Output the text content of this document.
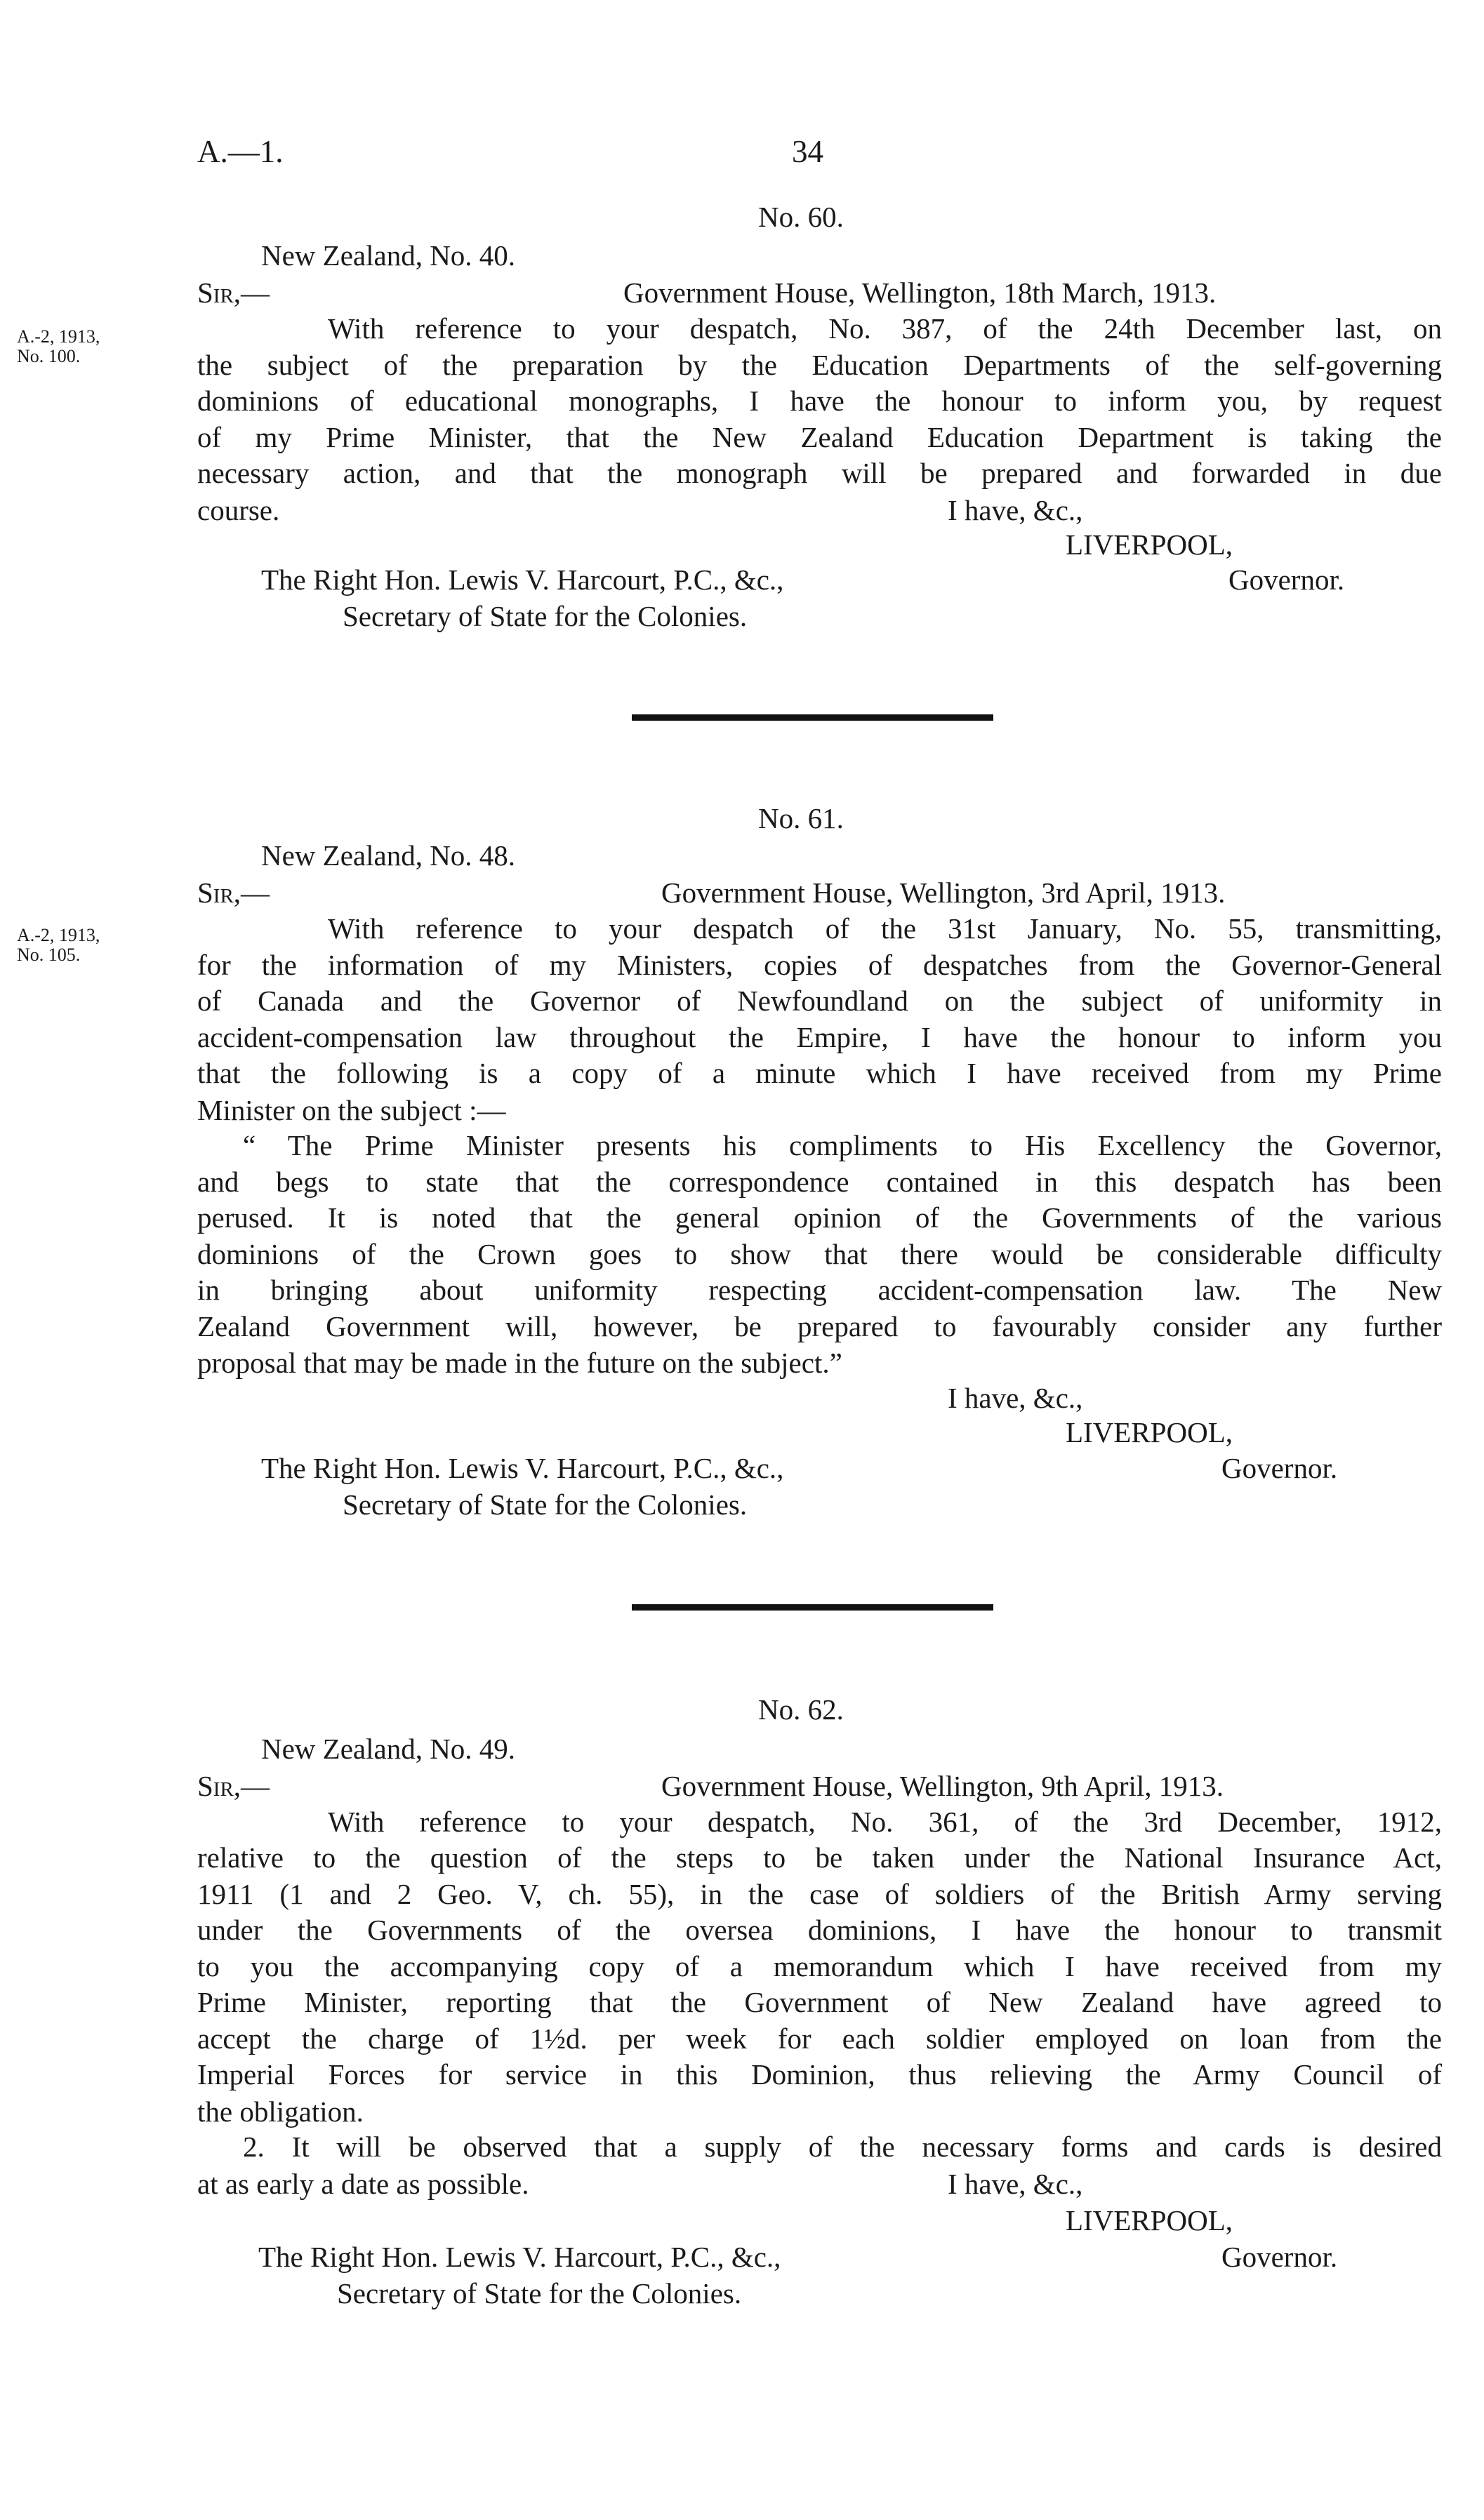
A.—1.	34
No. 60.
New Zealand, No. 40.
Sir,—	Government House, Wellington, 18th March, 1913.
A.-2, 1913,
No. 100.
With reference to your despatch, No. 387, of the 24th December last, on
the subject of the preparation by the Education Departments of the self-governing
dominions of educational monographs, I have the honour to inform you, by request
of my Prime Minister, that the New Zealand Education Department is taking the
necessary action, and that the monograph will be prepared and forwarded in due
course.	I have, &c.,
LIVERPOOL,
The Right Hon. Lewis V. Harcourt, P.C., &c.,	Governor.
Secretary of State for the Colonies.
No. 61.
New Zealand, No. 48.
Sir,—	Government House, Wellington, 3rd April, 1913.
A.-2, 1913,
No. 105.
With reference to your despatch of the 31st January, No. 55, transmitting,
for the information of my Ministers, copies of despatches from the Governor-General
of Canada and the Governor of Newfoundland on the subject of uniformity in
accident-compensation law throughout the Empire, I have the honour to inform you
that the following is a copy of a minute which I have received from my Prime
Minister on the subject :—
“ The Prime Minister presents his compliments to His Excellency the Governor,
and begs to state that the correspondence contained in this despatch has been
perused. It is noted that the general opinion of the Governments of the various
dominions of the Crown goes to show that there would be considerable difficulty
in bringing about uniformity respecting accident-compensation law. The New
Zealand Government will, however, be prepared to favourably consider any further
proposal that may be made in the future on the subject.”
I have, &c.,
LIVERPOOL,
The Right Hon. Lewis V. Harcourt, P.C., &c.,	Governor.
Secretary of State for the Colonies.
No. 62.
New Zealand, No. 49.
Sir,—	Government House, Wellington, 9th April, 1913.
With reference to your despatch, No. 361, of the 3rd December, 1912,
relative to the question of the steps to be taken under the National Insurance Act,
1911 (1 and 2 Geo. V, ch. 55), in the case of soldiers of the British Army serving
under the Governments of the oversea dominions, I have the honour to transmit
to you the accompanying copy of a memorandum which I have received from my
Prime Minister, reporting that the Government of New Zealand have agreed to
accept the charge of 1½d. per week for each soldier employed on loan from the
Imperial Forces for service in this Dominion, thus relieving the Army Council of
the obligation.
2. It will be observed that a supply of the necessary forms and cards is desired
at as early a date as possible.	I have, &c.,
LIVERPOOL,
The Right Hon. Lewis V. Harcourt, P.C., &c.,	Governor.
Secretary of State for the Colonies.
